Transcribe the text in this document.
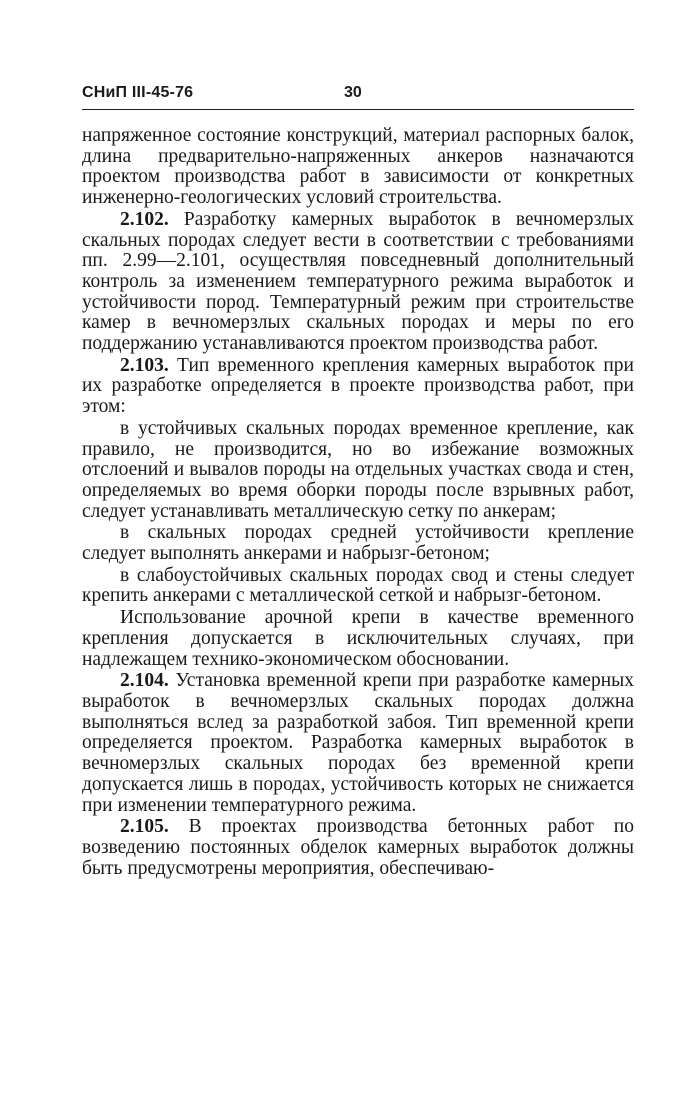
СНиП III-45-76	30

напряженное состояние конструкций, материал распорных балок, длина предварительно-напряженных анкеров назначаются проектом производства работ в зависимости от конкретных инженерно-геологических условий строительства.

2.102. Разработку камерных выработок в вечномерзлых скальных породах следует вести в соответствии с требованиями пп. 2.99—2.101, осуществляя повседневный дополнительный контроль за изменением температурного режима выработок и устойчивости пород. Температурный режим при строительстве камер в вечномерзлых скальных породах и меры по его поддержанию устанавливаются проектом производства работ.

2.103. Тип временного крепления камерных выработок при их разработке определяется в проекте производства работ, при этом:

в устойчивых скальных породах временное крепление, как правило, не производится, но во избежание возможных отслоений и вывалов породы на отдельных участках свода и стен, определяемых во время оборки породы после взрывных работ, следует устанавливать металлическую сетку по анкерам;

в скальных породах средней устойчивости крепление следует выполнять анкерами и набрызг-бетоном;

в слабоустойчивых скальных породах свод и стены следует крепить анкерами с металлической сеткой и набрызг-бетоном.

Использование арочной крепи в качестве временного крепления допускается в исключительных случаях, при надлежащем технико-экономическом обосновании.

2.104. Установка временной крепи при разработке камерных выработок в вечномерзлых скальных породах должна выполняться вслед за разработкой забоя. Тип временной крепи определяется проектом. Разработка камерных выработок в вечномерзлых скальных породах без временной крепи допускается лишь в породах, устойчивость которых не снижается при изменении температурного режима.

2.105. В проектах производства бетонных работ по возведению постоянных обделок камерных выработок должны быть предусмотрены мероприятия, обеспечиваю-
